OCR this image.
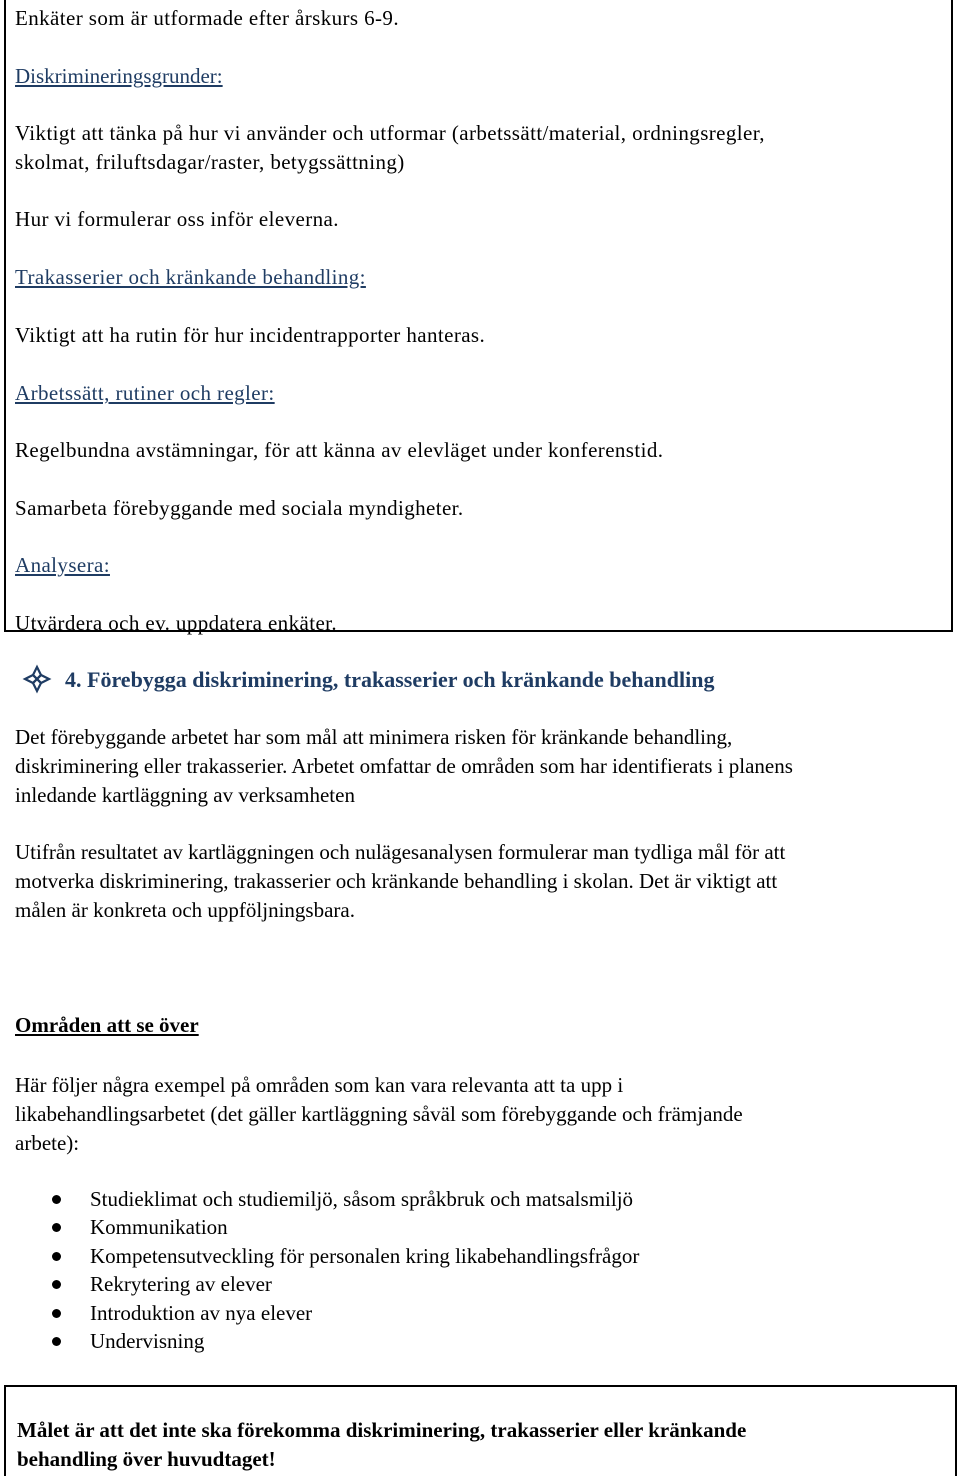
Enkäter som är utformade efter årskurs 6-9.
Diskrimineringsgrunder:
Viktigt att tänka på hur vi använder och utformar (arbetssätt/material, ordningsregler,
skolmat, friluftsdagar/raster, betygssättning)
Hur vi formulerar oss inför eleverna.
Trakasserier och kränkande behandling:
Viktigt att ha rutin för hur incidentrapporter hanteras.
Arbetssätt, rutiner och regler:
Regelbundna avstämningar, för att känna av elevläget under konferenstid.
Samarbeta förebyggande med sociala myndigheter.
Analysera:
Utvärdera och ev. uppdatera enkäter.
4. Förebygga diskriminering, trakasserier och kränkande behandling
Det förebyggande arbetet har som mål att minimera risken för kränkande behandling,
diskriminering eller trakasserier. Arbetet omfattar de områden som har identifierats i planens
inledande kartläggning av verksamheten
Utifrån resultatet av kartläggningen och nulägesanalysen formulerar man tydliga mål för att
motverka diskriminering, trakasserier och kränkande behandling i skolan. Det är viktigt att
målen är konkreta och uppföljningsbara.
Områden att se över
Här följer några exempel på områden som kan vara relevanta att ta upp i
likabehandlingsarbetet (det gäller kartläggning såväl som förebyggande och främjande
arbete):
Studieklimat och studiemiljö, såsom språkbruk och matsalsmiljö
Kommunikation
Kompetensutveckling för personalen kring likabehandlingsfrågor
Rekrytering av elever
Introduktion av nya elever
Undervisning
Målet är att det inte ska förekomma diskriminering, trakasserier eller kränkande
behandling över huvudtaget!
